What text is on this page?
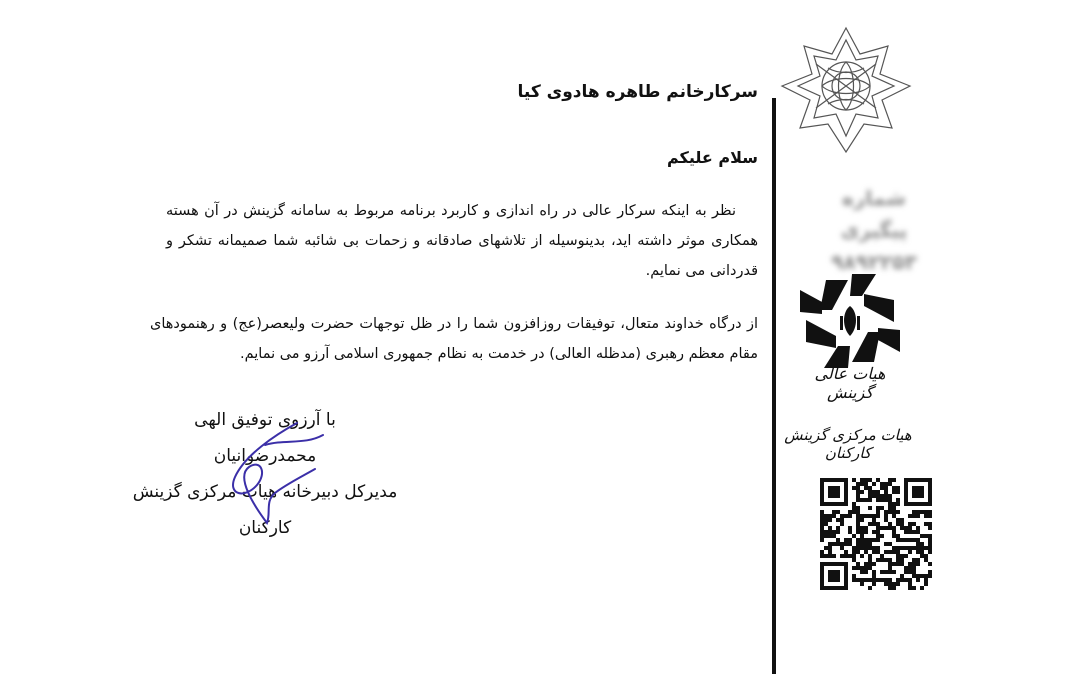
شماره پیگیری
۹۸۹۲۲۵۳
هیات عالی گزینش
هیات مرکزی گزینش کارکنان
سرکارخانم طاهره هادوی کیا
سلام علیکم
نظر به اینکه سرکار عالی در راه اندازی و کاربرد برنامه مربوط به سامانه گزینش در آن هسته همکاری موثر داشته اید، بدینوسیله از تلاشهای صادقانه و زحمات بی شائبه شما صمیمانه تشکر و قدردانی می نمایم.
از درگاه خداوند متعال، توفیقات روزافزون شما را در ظل توجهات حضرت ولیعصر(عج) و رهنمودهای مقام معظم رهبری (مدظله العالی) در خدمت به نظام جمهوری اسلامی آرزو می نمایم.
با آرزوی توفیق الهی
محمدرضوانیان
مدیرکل دبیرخانه هیات مرکزی گزینش
کارکنان
